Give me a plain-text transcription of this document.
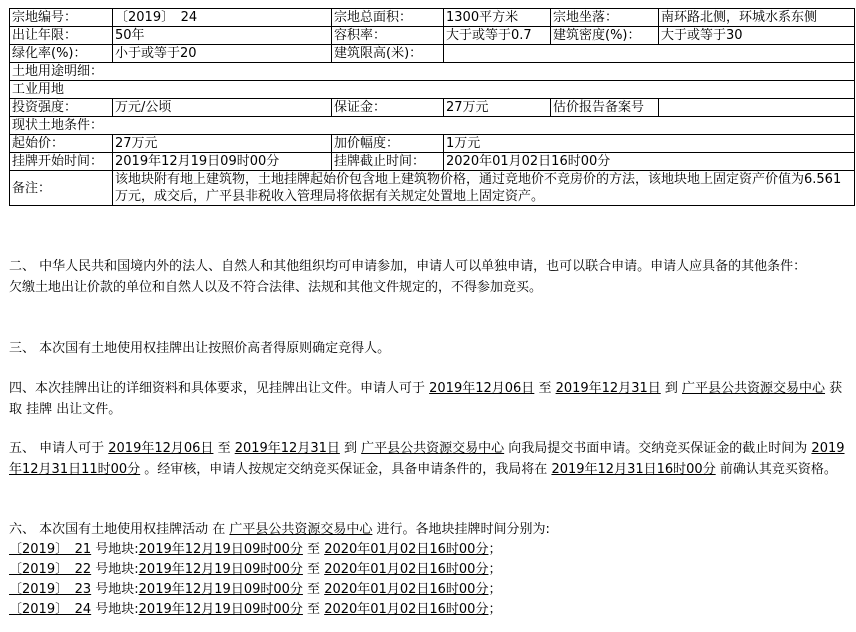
宗地编号：	〔2019〕　24	宗地总面积：	1300平方米	宗地坐落：	南环路北侧，环城水系东侧
出让年限：	50年	容积率：	大于或等于0.7	建筑密度(%)：	大于或等于30
绿化率(%)：	小于或等于20	建筑限高(米)：			
土地用途明细：					
工业用地					
投资强度：	万元/公顷	保证金：	27万元	估价报告备案号	
现状土地条件：					
起始价：	27万元	加价幅度：	1万元		
挂牌开始时间：	2019年12月19日09时00分	挂牌截止时间：	2020年01月02日16时00分		
备注：	该地块附有地上建筑物，土地挂牌起始价包含地上建筑物价格，通过竞地价不竞房价的方法，该地块地上固定资产价值为6.561万元，成交后，广平县非税收入管理局将依据有关规定处置地上固定资产。				
二、 中华人民共和国境内外的法人、自然人和其他组织均可申请参加，申请人可以单独申请，也可以联合申请。申请人应具备的其他条件：
欠缴土地出让价款的单位和自然人以及不符合法律、法规和其他文件规定的，不得参加竞买。
三、 本次国有土地使用权挂牌出让按照价高者得原则确定竞得人。
四、本次挂牌出让的详细资料和具体要求，见挂牌出让文件。申请人可于 2019年12月06日 至 2019年12月31日 到 广平县公共资源交易中心 获取 挂牌 出让文件。
五、 申请人可于 2019年12月06日 至 2019年12月31日 到 广平县公共资源交易中心 向我局提交书面申请。交纳竞买保证金的截止时间为 2019年12月31日11时00分 。经审核，申请人按规定交纳竞买保证金，具备申请条件的，我局将在 2019年12月31日16时00分 前确认其竞买资格。
六、 本次国有土地使用权挂牌活动 在 广平县公共资源交易中心 进行。各地块挂牌时间分别为:

〔2019〕　21 号地块:2019年12月19日09时00分 至 2020年01月02日16时00分；

〔2019〕　22 号地块:2019年12月19日09时00分 至 2020年01月02日16时00分；

〔2019〕　23 号地块:2019年12月19日09时00分 至 2020年01月02日16时00分；

〔2019〕　24 号地块:2019年12月19日09时00分 至 2020年01月02日16时00分；
